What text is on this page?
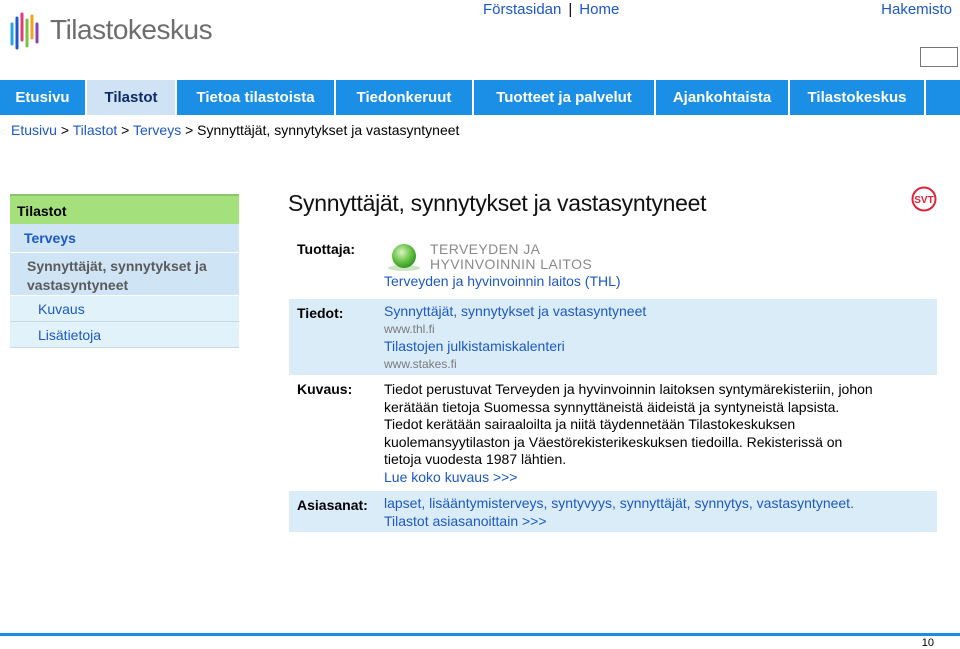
Tilastokeskus
Förstasidan | Home	Hakemisto
Etusivu	Tilastot	Tietoa tilastoista	Tiedonkeruut	Tuotteet ja palvelut	Ajankohtaista	Tilastokeskus
Etusivu > Tilastot > Terveys > Synnyttäjät, synnytykset ja vastasyntyneet
Tilastot
Terveys
Synnyttäjät, synnytykset ja vastasyntyneet
Kuvaus
Lisätietoja
Synnyttäjät, synnytykset ja vastasyntyneet	SVT
Tuottaja:	TERVEYDEN JA
HYVINVOINNIN LAITOS
Terveyden ja hyvinvoinnin laitos (THL)
Tiedot:	Synnyttäjät, synnytykset ja vastasyntyneet
www.thl.fi
Tilastojen julkistamiskalenteri
www.stakes.fi
Kuvaus:	Tiedot perustuvat Terveyden ja hyvinvoinnin laitoksen syntymärekisteriin, johon
kerätään tietoja Suomessa synnyttäneistä äideistä ja syntyneistä lapsista.
Tiedot kerätään sairaaloilta ja niitä täydennetään Tilastokeskuksen
kuolemansyytilaston ja Väestörekisterikeskuksen tiedoilla. Rekisterissä on
tietoja vuodesta 1987 lähtien.
Lue koko kuvaus >>>
Asiasanat:	lapset, lisääntymisterveys, syntyvyys, synnyttäjät, synnytys, vastasyntyneet.
Tilastot asiasanoittain >>>
10
